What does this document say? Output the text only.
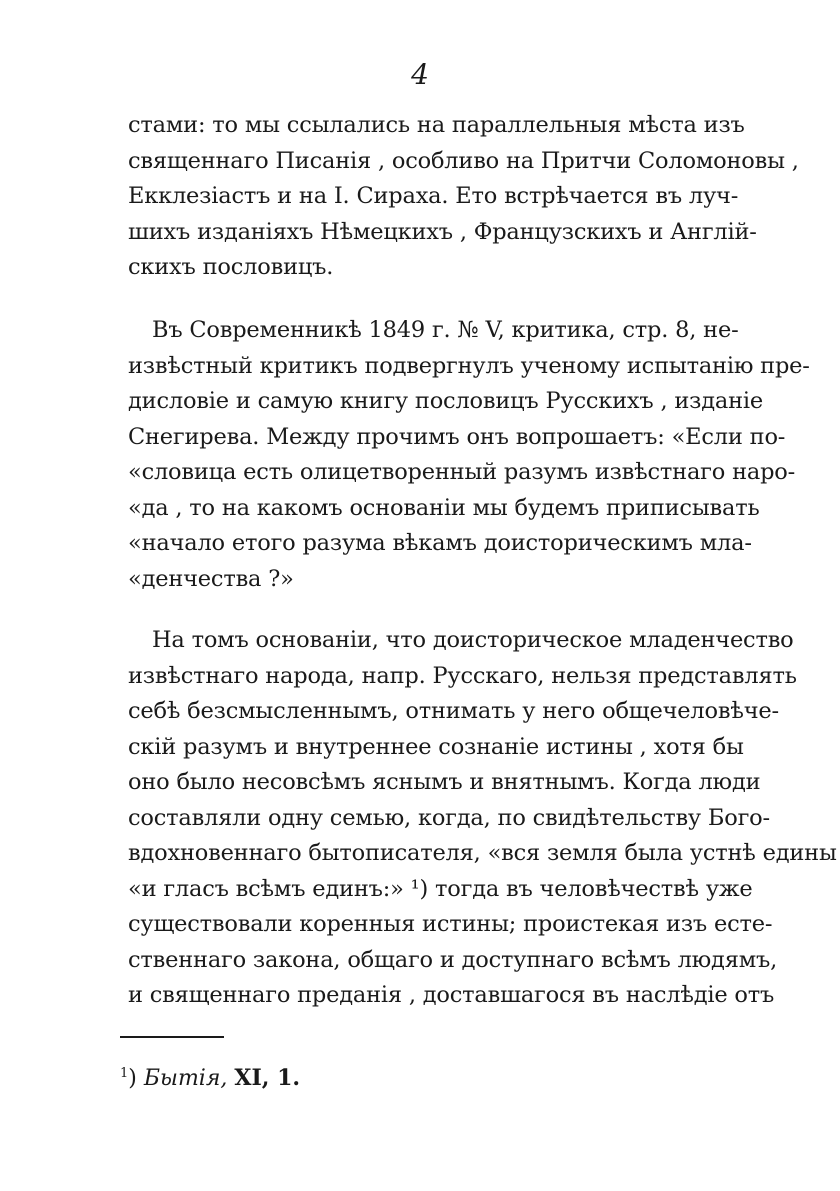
4
стами: то мы ссылались на параллельныя мѣста изъ
священнаго Писанія , особливо на Притчи Соломоновы ,
Екклезіастъ и на I. Сираха. Ето встрѣчается въ луч-
шихъ изданіяхъ Нѣмецкихъ , Французскихъ и Англій-
скихъ пословицъ.
Въ Современникѣ 1849 г. № V, критика, стр. 8, не-
извѣстный критикъ подвергнулъ ученому испытанію пре-
дисловіе и самую книгу пословицъ Русскихъ , изданіе
Снегирева. Между прочимъ онъ вопрошаетъ: «Если по-
«словица есть олицетворенный разумъ извѣстнаго наро-
«да , то на какомъ основаніи мы будемъ приписывать
«начало етого разума вѣкамъ доисторическимъ мла-
«денчества ?»
На томъ основаніи, что доисторическое младенчество
извѣстнаго народа, напр. Русскаго, нельзя представлять
себѣ безсмысленнымъ, отнимать у него общечеловѣче-
скій разумъ и внутреннее сознаніе истины , хотя бы
оно было несовсѣмъ яснымъ и внятнымъ. Когда люди
составляли одну семью, когда, по свидѣтельству Бого-
вдохновеннаго бытописателя, «вся земля была устнѣ едины
«и гласъ всѣмъ единъ:» ¹) тогда въ человѣчествѣ уже
существовали коренныя истины; проистекая изъ есте-
ственнаго закона, общаго и доступнаго всѣмъ людямъ,
и священнаго преданія , доставшагося въ наслѣдіе отъ
$^1$) Бытія, XI, 1.
